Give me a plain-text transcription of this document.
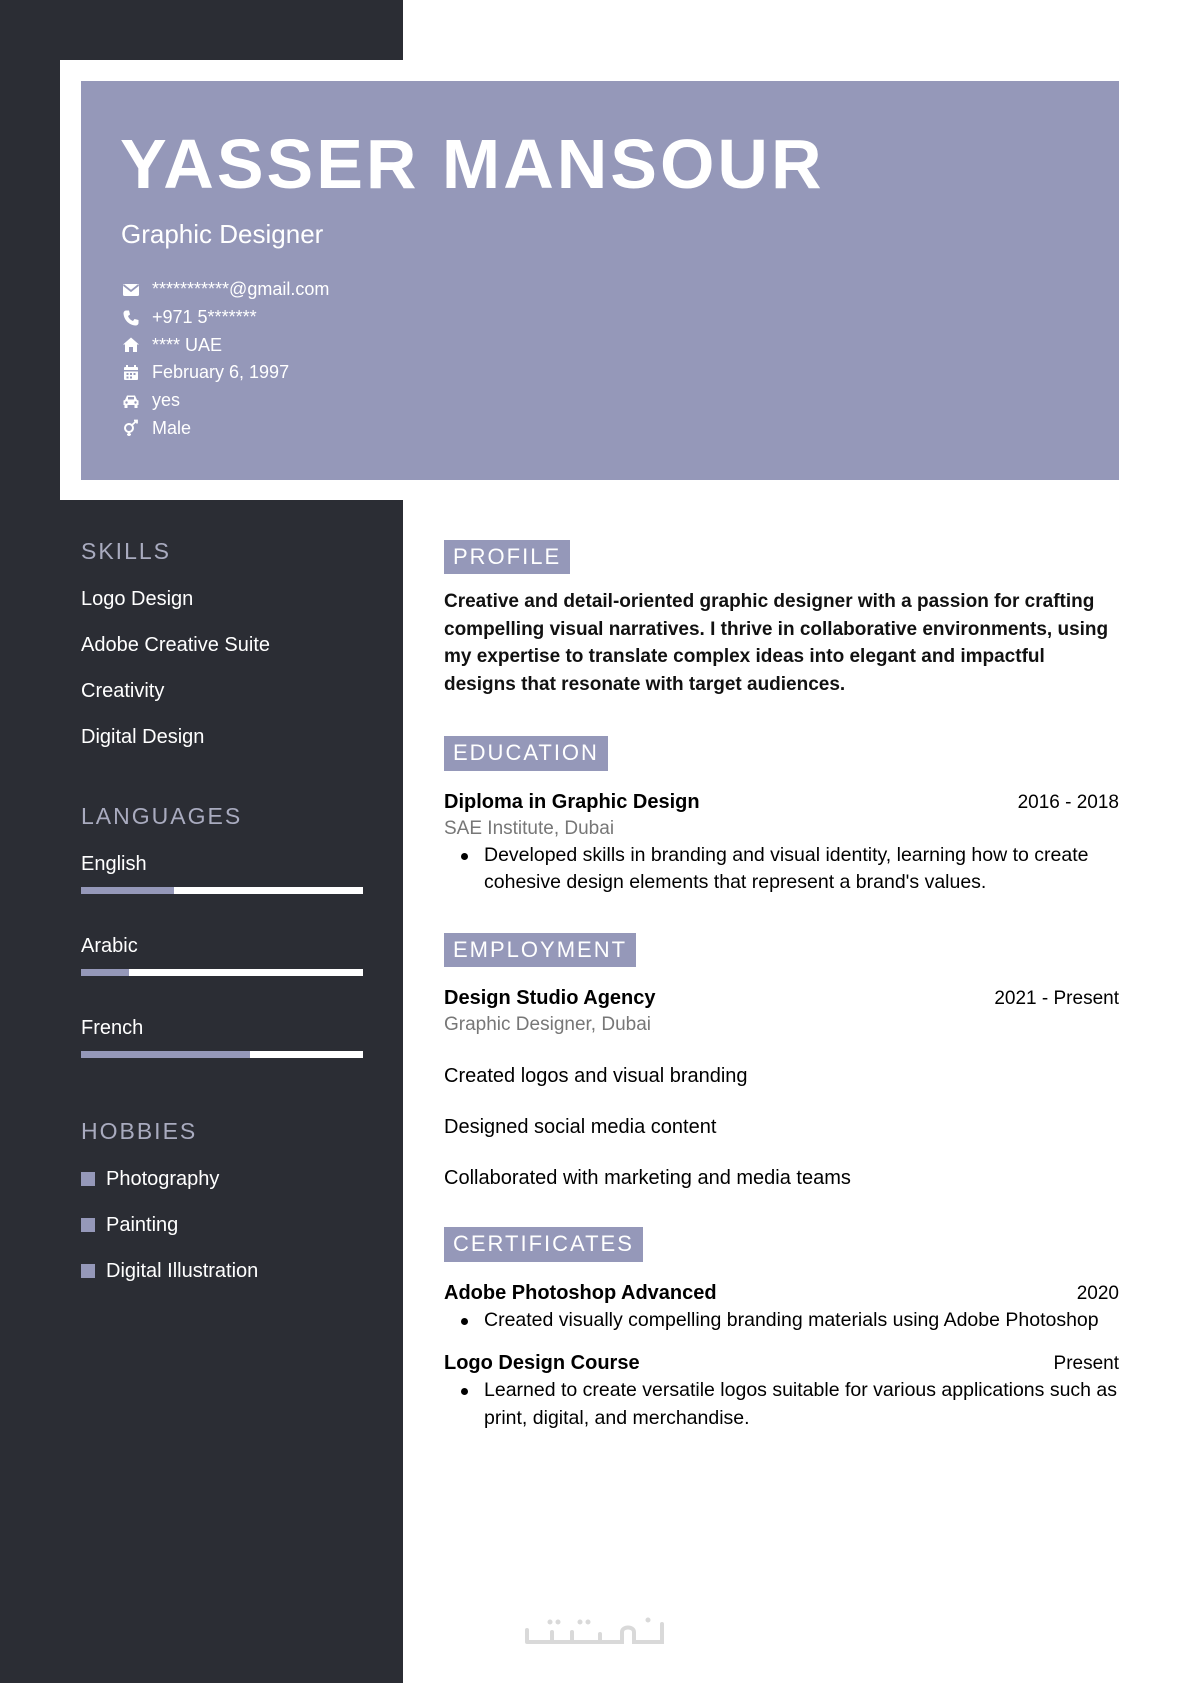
YASSER MANSOUR
Graphic Designer
***********@gmail.com
+971 5*******
**** UAE
February 6, 1997
yes
Male
SKILLS
Logo Design
Adobe Creative Suite
Creativity
Digital Design
LANGUAGES
English
Arabic
French
HOBBIES
Photography
Painting
Digital Illustration
PROFILE
Creative and detail-oriented graphic designer with a passion for crafting compelling visual narratives. I thrive in collaborative environments, using my expertise to translate complex ideas into elegant and impactful designs that resonate with target audiences.
EDUCATION
Diploma in Graphic Design	2016 - 2018
SAE Institute, Dubai
Developed skills in branding and visual identity, learning how to create cohesive design elements that represent a brand's values.
EMPLOYMENT
Design Studio Agency	2021 - Present
Graphic Designer, Dubai
Created logos and visual branding
Designed social media content
Collaborated with marketing and media teams
CERTIFICATES
Adobe Photoshop Advanced	2020
Created visually compelling branding materials using Adobe Photoshop
Logo Design Course	Present
Learned to create versatile logos suitable for various applications such as print, digital, and merchandise.
